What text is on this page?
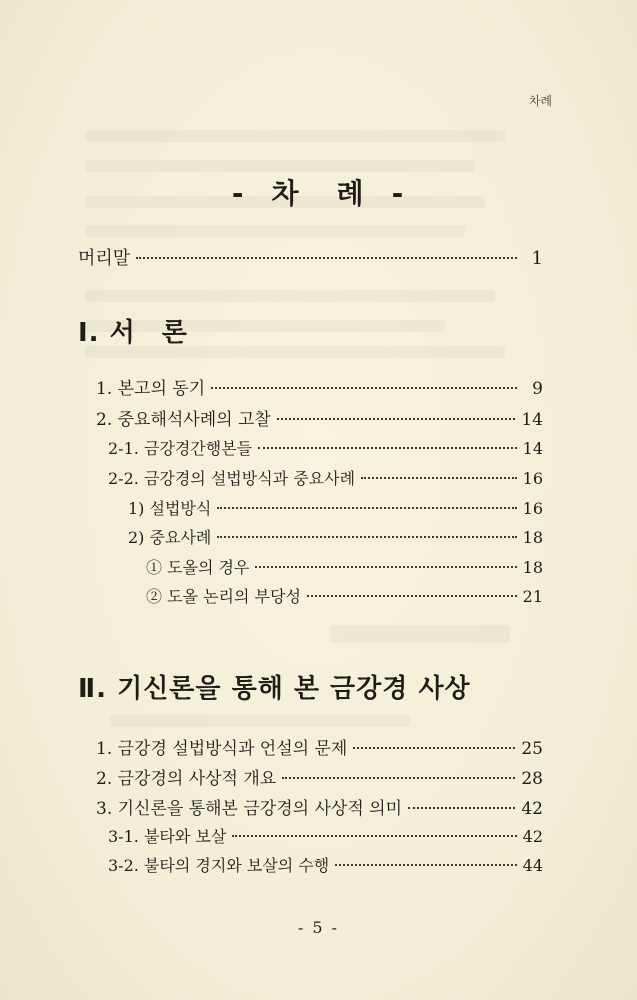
차례
- 차 례 -
머리말	1
Ⅰ. 서 론
1. 본고의 동기	9
2. 중요해석사례의 고찰	14
2-1. 금강경간행본들	14
2-2. 금강경의 설법방식과 중요사례	16
1) 설법방식	16
2) 중요사례	18
① 도올의 경우	18
② 도올 논리의 부당성	21
Ⅱ. 기신론을 통해 본 금강경 사상
1. 금강경 설법방식과 언설의 문제	25
2. 금강경의 사상적 개요	28
3. 기신론을 통해본 금강경의 사상적 의미	42
3-1. 불타와 보살	42
3-2. 불타의 경지와 보살의 수행	44
- 5 -
